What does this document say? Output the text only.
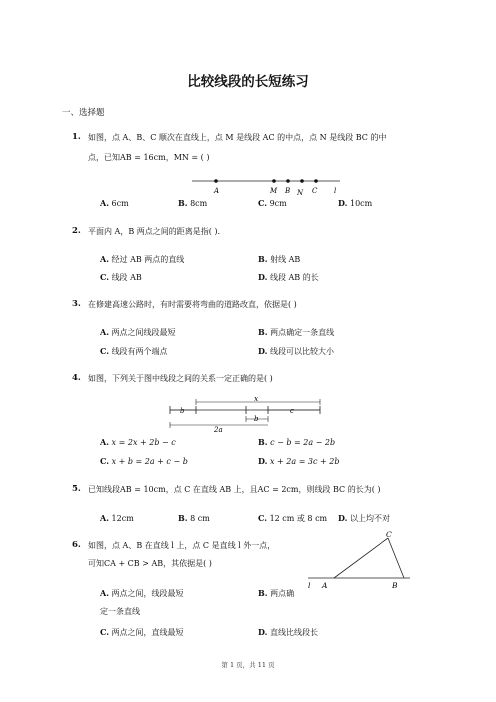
比较线段的长短练习
一、选择题
1. 如图，点 A、B、C 顺次在直线上，点 M 是线段 AC 的中点，点 N 是线段 BC 的中
点，已知AB = 16cm，MN = ( )
A	M B N C l
A. 6cm	B. 8cm	C. 9cm	D. 10cm
2. 平面内 A，B 两点之间的距离是指( ).
A. 经过 AB 两点的直线	B. 射线 AB
C. 线段 AB	D. 线段 AB 的长
3. 在修建高速公路时，有时需要将弯曲的道路改直，依据是( )
A. 两点之间线段最短	B. 两点确定一条直线
C. 线段有两个端点	D. 线段可以比较大小
4. 如图，下列关于图中线段之间的关系一定正确的是( )
x
b	c
b
2a
A. x = 2x + 2b − c	B. c − b = 2a − 2b
C. x + b = 2a + c − b	D. x + 2a = 3c + 2b
5. 已知线段AB = 10cm，点 C 在直线 AB 上，且AC = 2cm，则线段 BC 的长为( )
A. 12cm	B. 8 cm	C. 12 cm 或 8 cm D. 以上均不对
6. 如图，点 A、B 在直线 l 上，点 C 是直线 l 外一点，
可知CA + CB > AB，其依据是( )
C
l A	B
A. 两点之间，线段最短	B. 两点确
定一条直线
C. 两点之间，直线最短	D. 直线比线段长
第 1 页，共 11 页
